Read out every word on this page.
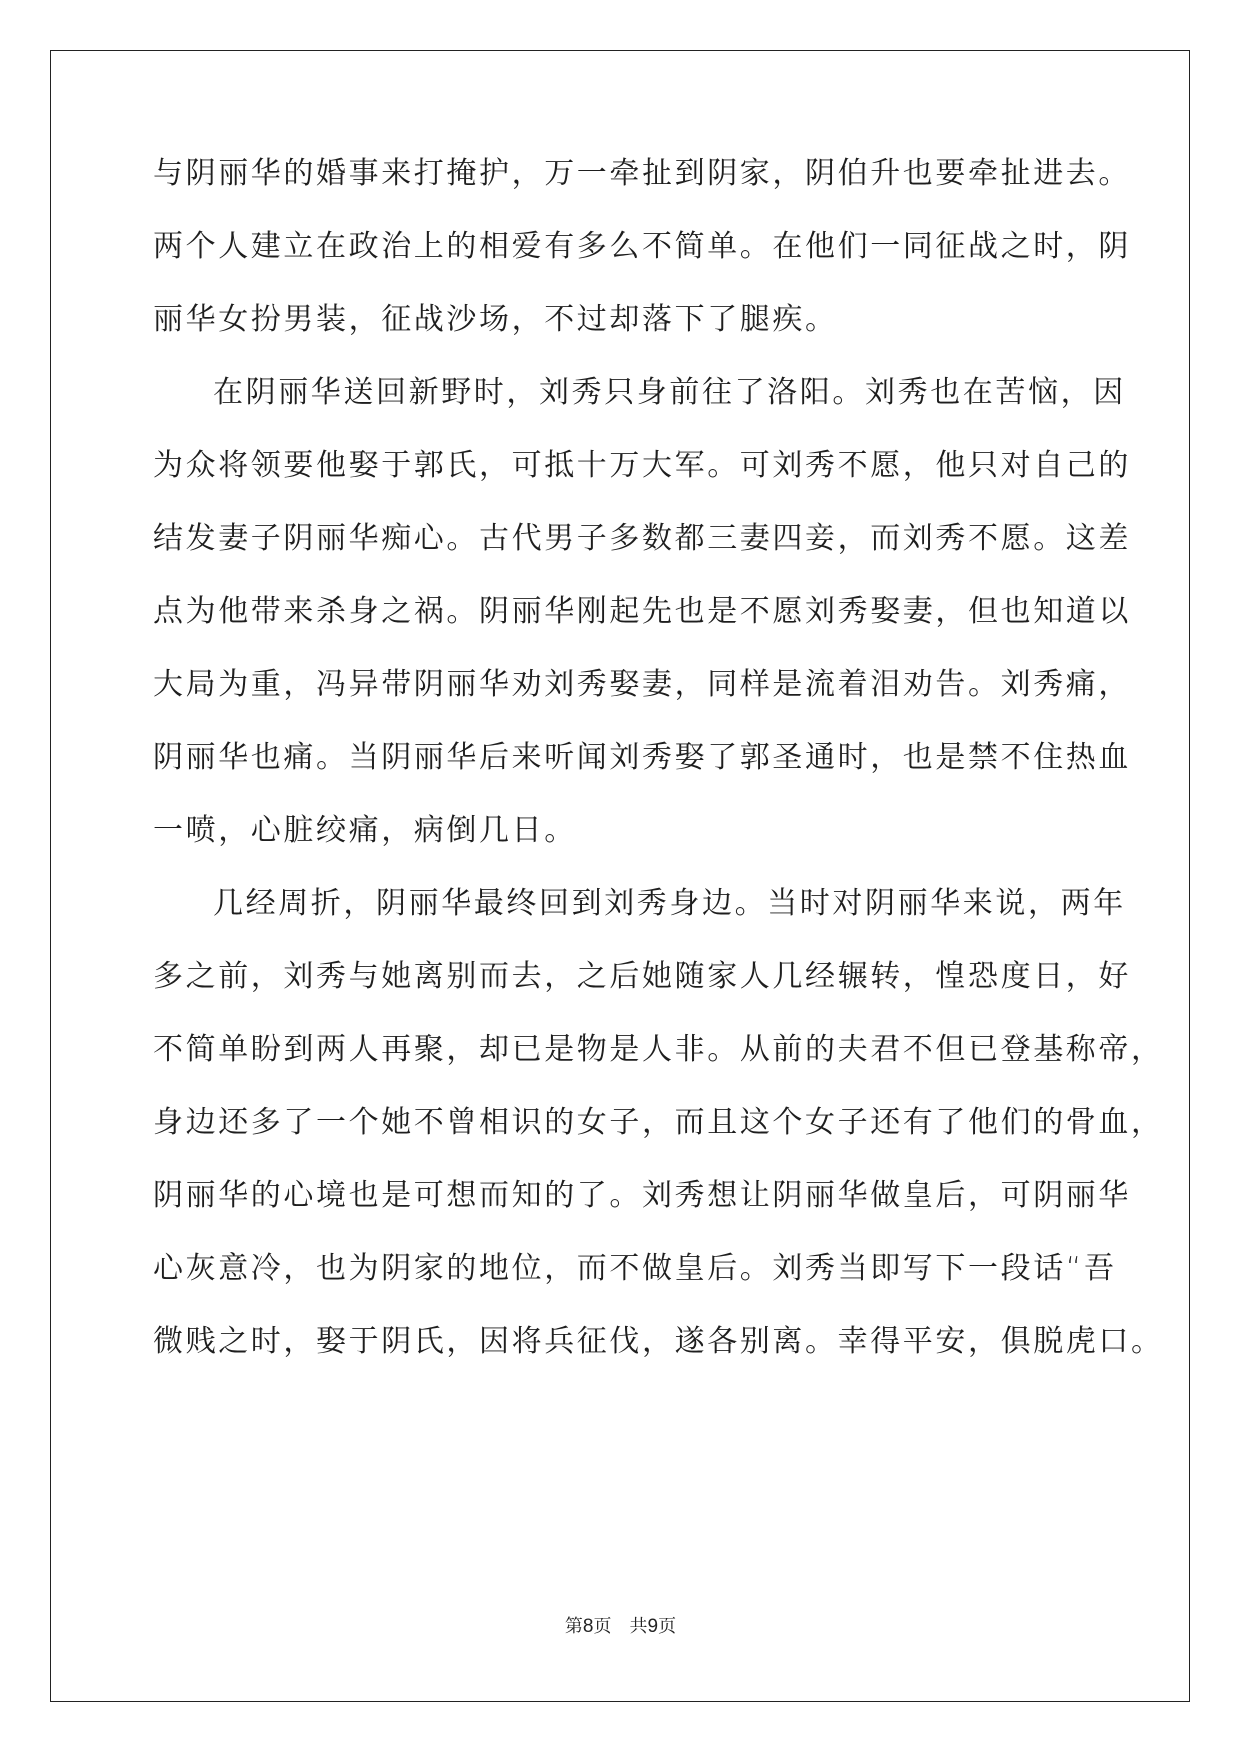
与阴丽华的婚事来打掩护，万一牵扯到阴家，阴伯升也要牵扯进去。
两个人建立在政治上的相爱有多么不简单。在他们一同征战之时，阴
丽华女扮男装，征战沙场，不过却落下了腿疾。
在阴丽华送回新野时，刘秀只身前往了洛阳。刘秀也在苦恼，因
为众将领要他娶于郭氏，可抵十万大军。可刘秀不愿，他只对自己的
结发妻子阴丽华痴心。古代男子多数都三妻四妾，而刘秀不愿。这差
点为他带来杀身之祸。阴丽华刚起先也是不愿刘秀娶妻，但也知道以
大局为重，冯异带阴丽华劝刘秀娶妻，同样是流着泪劝告。刘秀痛，
阴丽华也痛。当阴丽华后来听闻刘秀娶了郭圣通时，也是禁不住热血
一喷，心脏绞痛，病倒几日。
几经周折，阴丽华最终回到刘秀身边。当时对阴丽华来说，两年
多之前，刘秀与她离别而去，之后她随家人几经辗转，惶恐度日，好
不简单盼到两人再聚，却已是物是人非。从前的夫君不但已登基称帝，
身边还多了一个她不曾相识的女子，而且这个女子还有了他们的骨血，
阴丽华的心境也是可想而知的了。刘秀想让阴丽华做皇后，可阴丽华
心灰意冷，也为阴家的地位，而不做皇后。刘秀当即写下一段话“吾
微贱之时，娶于阴氏，因将兵征伐，遂各别离。幸得平安，俱脱虎口。
第8页 共9页
